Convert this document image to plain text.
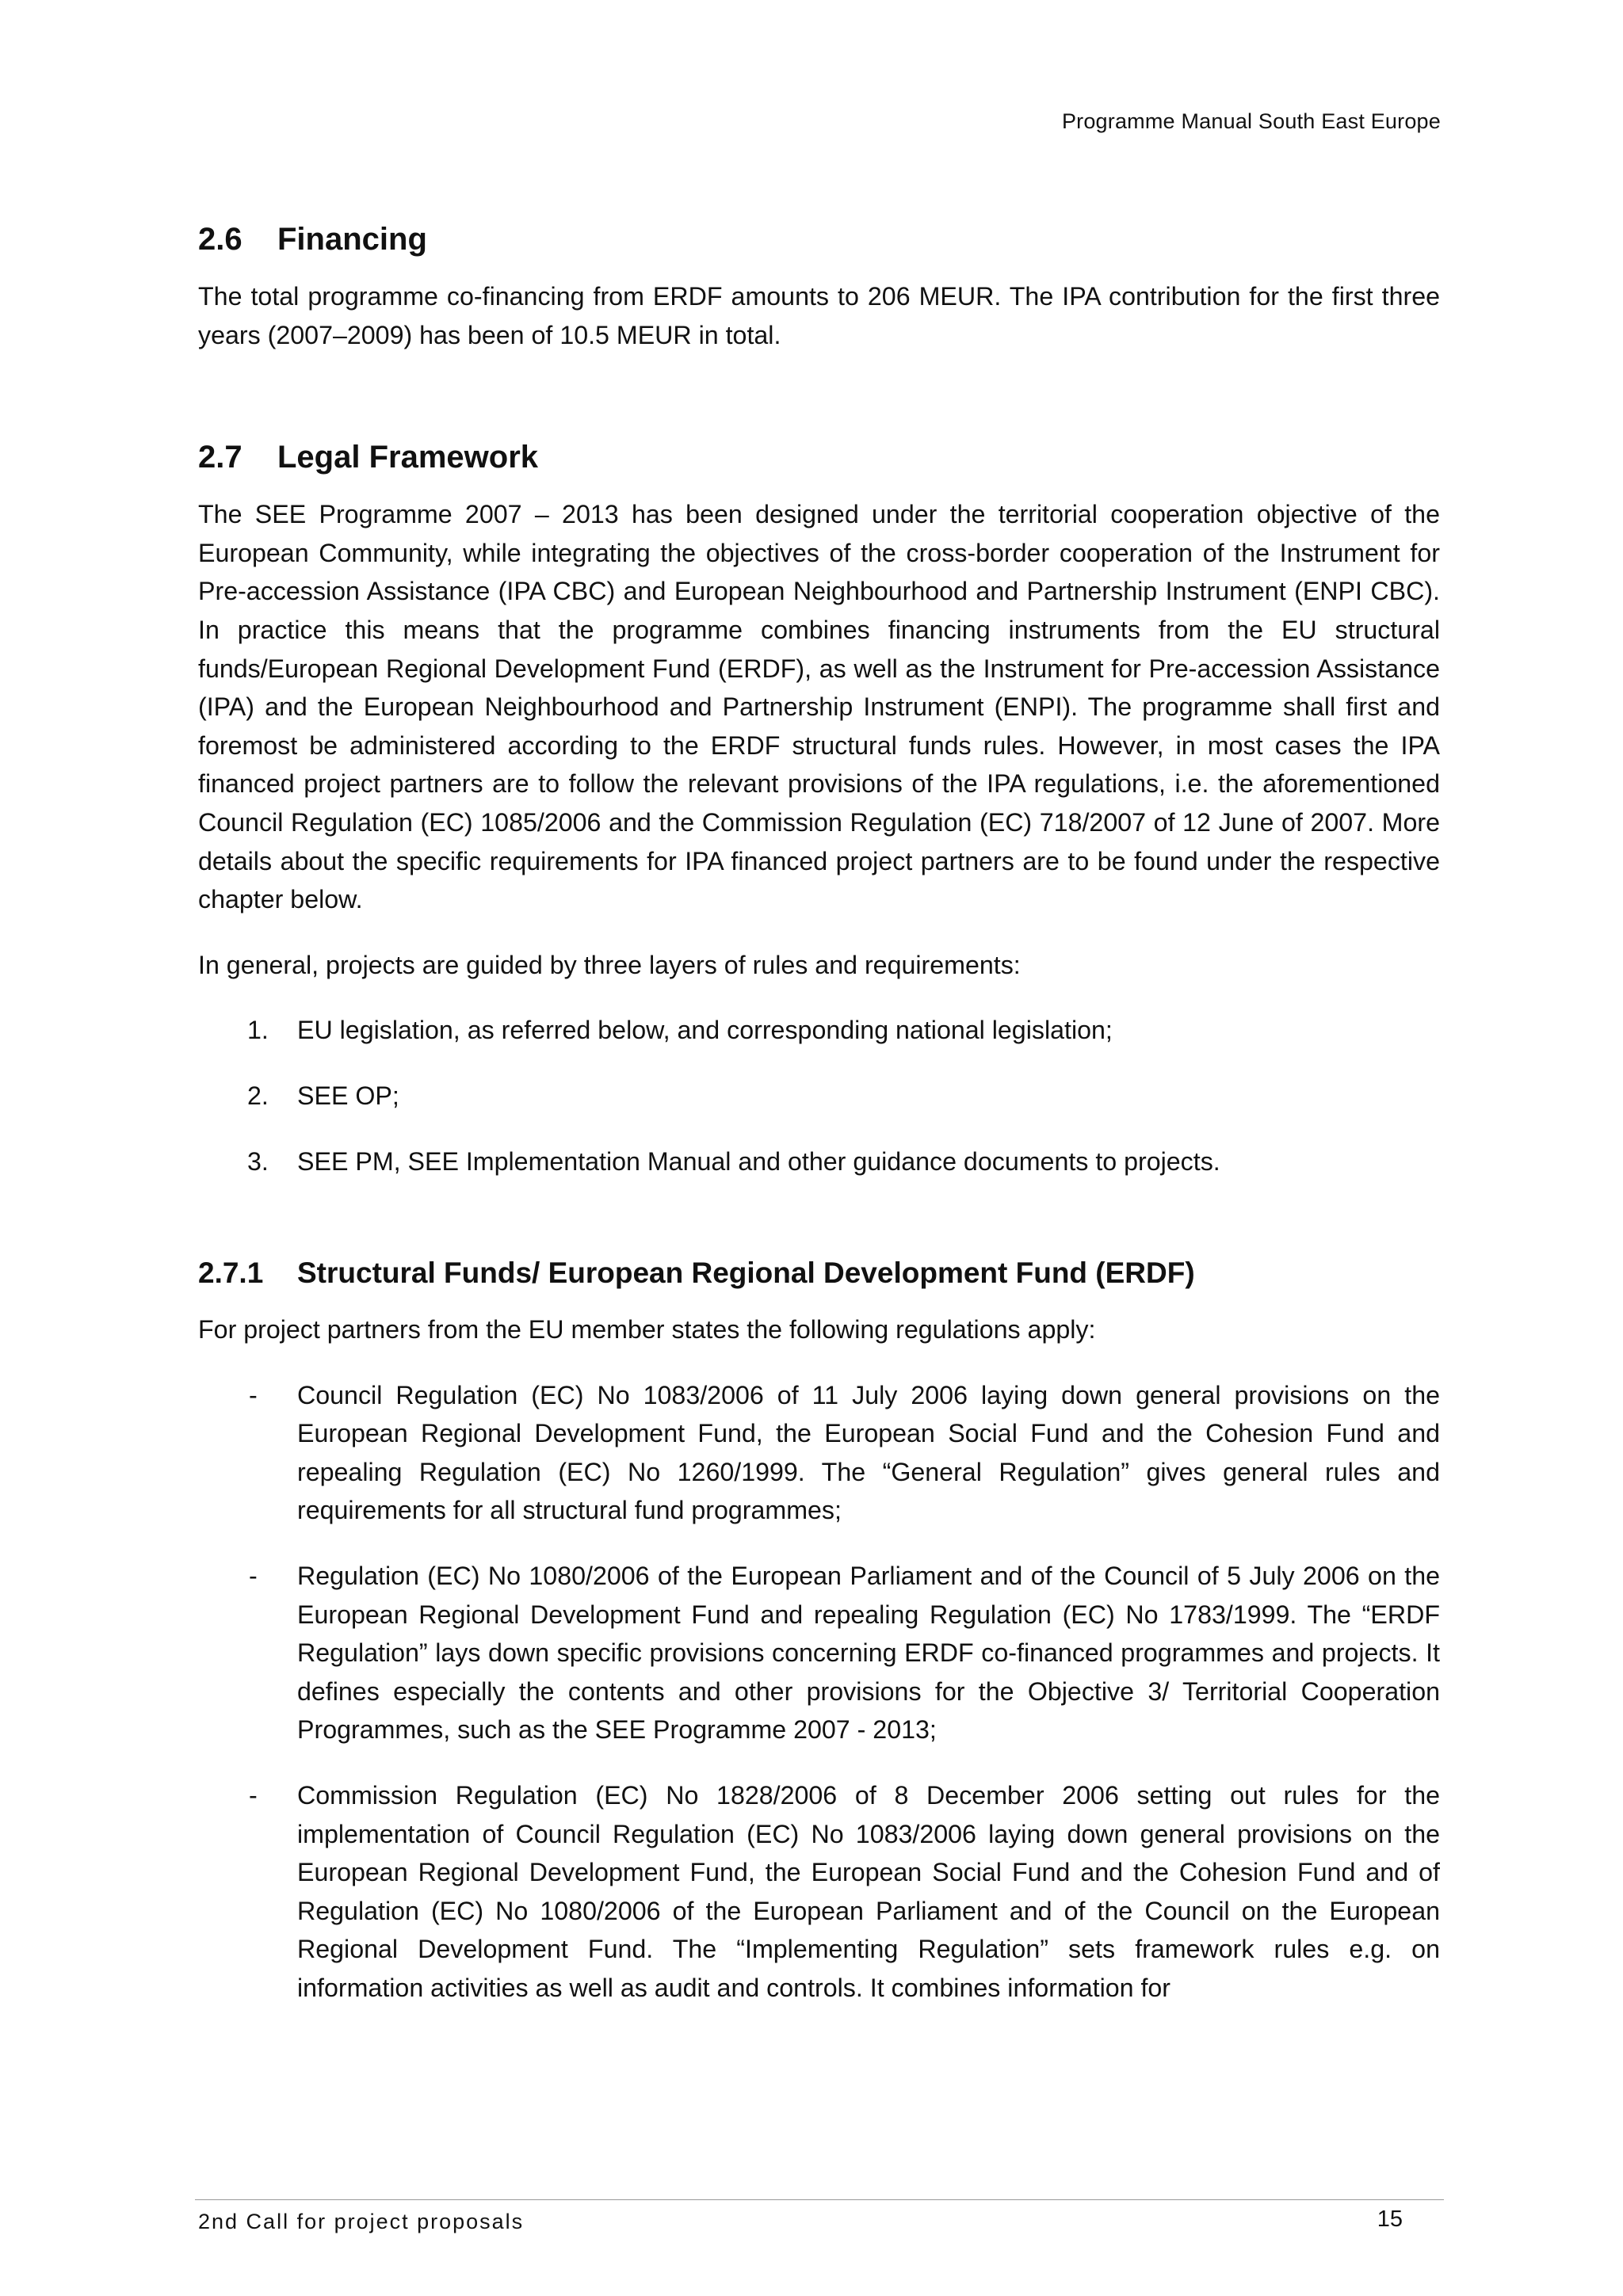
Programme Manual South East Europe
2.6	Financing

The total programme co-financing from ERDF amounts to 206 MEUR. The IPA contribution for the first three years (2007–2009) has been of 10.5 MEUR in total.

2.7	Legal Framework

The SEE Programme 2007 – 2013 has been designed under the territorial cooperation objective of the European Community, while integrating the objectives of the cross-border cooperation of the Instrument for Pre-accession Assistance (IPA CBC) and European Neighbourhood and Partnership Instrument (ENPI CBC). In practice this means that the programme combines financing instruments from the EU structural funds/European Regional Development Fund (ERDF), as well as the Instrument for Pre-accession Assistance (IPA) and the European Neighbourhood and Partnership Instrument (ENPI). The programme shall first and foremost be administered according to the ERDF structural funds rules. However, in most cases the IPA financed project partners are to follow the relevant provisions of the IPA regulations, i.e. the aforementioned Council Regulation (EC) 1085/2006 and the Commission Regulation (EC) 718/2007 of 12 June of 2007. More details about the specific requirements for IPA financed project partners are to be found under the respective chapter below.

In general, projects are guided by three layers of rules and requirements:

1. EU legislation, as referred below, and corresponding national legislation;
2. SEE OP;
3. SEE PM, SEE Implementation Manual and other guidance documents to projects.
2.7.1	Structural Funds/ European Regional Development Fund (ERDF)

For project partners from the EU member states the following regulations apply:

- Council Regulation (EC) No 1083/2006 of 11 July 2006 laying down general provisions on the European Regional Development Fund, the European Social Fund and the Cohesion Fund and repealing Regulation (EC) No 1260/1999. The “General Regulation” gives general rules and requirements for all structural fund programmes;
- Regulation (EC) No 1080/2006 of the European Parliament and of the Council of 5 July 2006 on the European Regional Development Fund and repealing Regulation (EC) No 1783/1999. The “ERDF Regulation” lays down specific provisions concerning ERDF co-financed programmes and projects. It defines especially the contents and other provisions for the Objective 3/ Territorial Cooperation Programmes, such as the SEE Programme 2007 - 2013;
- Commission Regulation (EC) No 1828/2006 of 8 December 2006 setting out rules for the implementation of Council Regulation (EC) No 1083/2006 laying down general provisions on the European Regional Development Fund, the European Social Fund and the Cohesion Fund and of Regulation (EC) No 1080/2006 of the European Parliament and of the Council on the European Regional Development Fund. The “Implementing Regulation” sets framework rules e.g. on information activities as well as audit and controls. It combines information for
2nd Call for project proposals	15
